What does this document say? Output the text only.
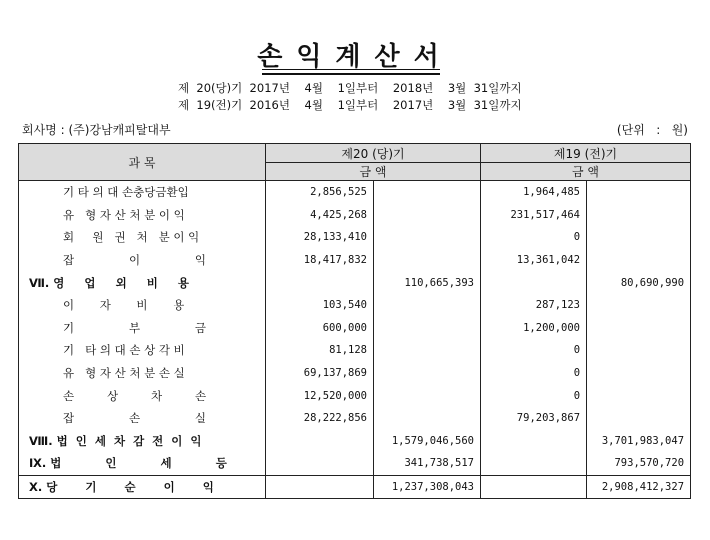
손익계산서
제  20(당)기  2017년    4월    1일부터    2018년    3월  31일까지
제  19(전)기  2016년    4월    1일부터    2017년    3월  31일까지
회사명 : (주)강남캐피탈대부	(단위   :   원)
과 목	제20 (당)기		제19 (전)기	
	금 액		금 액	
기 타 의 대 손충당금환입	2,856,525		1,964,485	
유   형 자 산 처 분 이 익	4,425,268		231,517,464	
회     원   권   처   분 이 익	28,133,410		0	
잡               이               익	18,417,832		13,361,042	
Ⅶ. 영     업     외     비     용		110,665,393		80,690,990
이       자       비       용	103,540		287,123	
기               부               금	600,000		1,200,000	
기   타 의 대 손 상 각 비	81,128		0	
유   형 자 산 처 분 손 실	69,137,869		0	
손         상         차         손	12,520,000		0	
잡               손               실	28,222,856		79,203,867	
Ⅷ. 법  인  세  차  감  전  이  익		1,579,046,560		3,701,983,047
Ⅸ. 법           인           세           등		341,738,517		793,570,720
Ⅹ. 당       기       순       이       익		1,237,308,043		2,908,412,327
